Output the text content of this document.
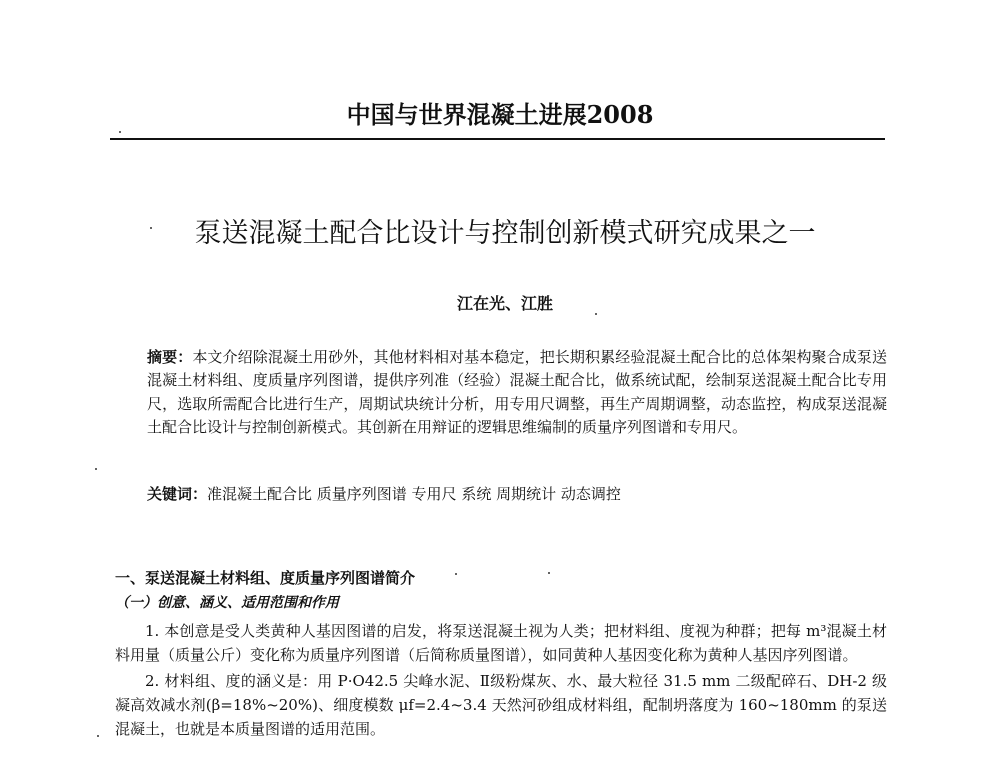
中国与世界混凝土进展2008
泵送混凝土配合比设计与控制创新模式研究成果之一
江在光、江胜

摘要：本文介绍除混凝土用砂外，其他材料相对基本稳定，把长期积累经验混凝土配合比的总体架构聚合成泵送混凝土材料组、度质量序列图谱，提供序列准（经验）混凝土配合比，做系统试配，绘制泵送混凝土配合比专用尺，选取所需配合比进行生产，周期试块统计分析，用专用尺调整，再生产周期调整，动态监控，构成泵送混凝土配合比设计与控制创新模式。其创新在用辩证的逻辑思维编制的质量序列图谱和专用尺。

关键词：准混凝土配合比 质量序列图谱 专用尺 系统 周期统计 动态调控
一、泵送混凝土材料组、度质量序列图谱简介
（一）创意、涵义、适用范围和作用

1. 本创意是受人类黄种人基因图谱的启发，将泵送混凝土视为人类；把材料组、度视为种群；把每 m³混凝土材料用量（质量公斤）变化称为质量序列图谱（后简称质量图谱），如同黄种人基因变化称为黄种人基因序列图谱。

2. 材料组、度的涵义是：用 P·O42.5 尖峰水泥、Ⅱ级粉煤灰、水、最大粒径 31.5 mm 二级配碎石、DH-2 级凝高效减水剂(β=18%~20%)、细度模数 μf=2.4~3.4 天然河砂组成材料组，配制坍落度为 160~180mm 的泵送混凝土，也就是本质量图谱的适用范围。
